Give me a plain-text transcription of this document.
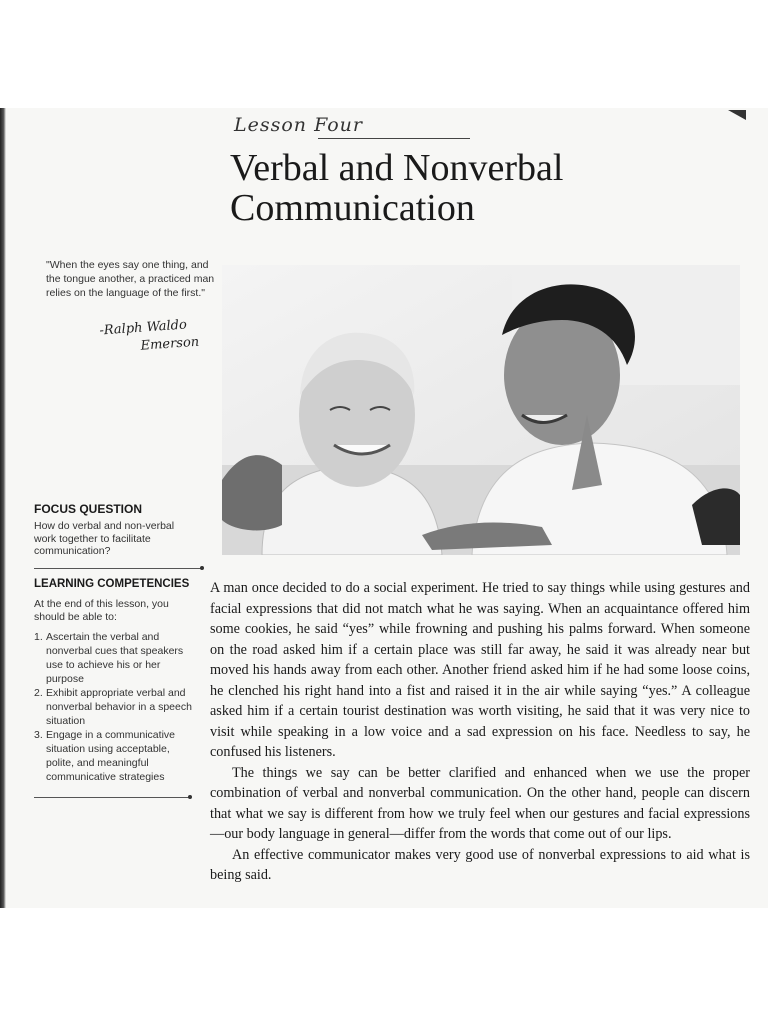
Lesson Four
Verbal and Nonverbal
Communication
"When the eyes say one thing, and the tongue another, a practiced man relies on the language of the first."
-Ralph Waldo
Emerson
FOCUS QUESTION
How do verbal and non-verbal work together to facilitate communication?
LEARNING COMPETENCIES
At the end of this lesson, you should be able to:
1. Ascertain the verbal and nonverbal cues that speakers use to achieve his or her purpose
2. Exhibit appropriate verbal and nonverbal behavior in a speech situation
3. Engage in a communicative situation using acceptable, polite, and meaningful communicative strategies

A man once decided to do a social experiment. He tried to say things while using gestures and facial expressions that did not match what he was saying. When an acquaintance offered him some cookies, he said “yes” while frowning and pushing his palms forward. When someone on the road asked him if a certain place was still far away, he said it was already near but moved his hands away from each other. Another friend asked him if he had some loose coins, he clenched his right hand into a fist and raised it in the air while saying “yes.” A colleague asked him if a certain tourist destination was worth visiting, he said that it was very nice to visit while speaking in a low voice and a sad expression on his face. Needless to say, he confused his listeners.

The things we say can be better clarified and enhanced when we use the proper combination of verbal and nonverbal communication. On the other hand, people can discern that what we say is different from how we truly feel when our gestures and facial expressions—our body language in general—differ from the words that come out of our lips.

An effective communicator makes very good use of nonverbal expressions to aid what is being said.
